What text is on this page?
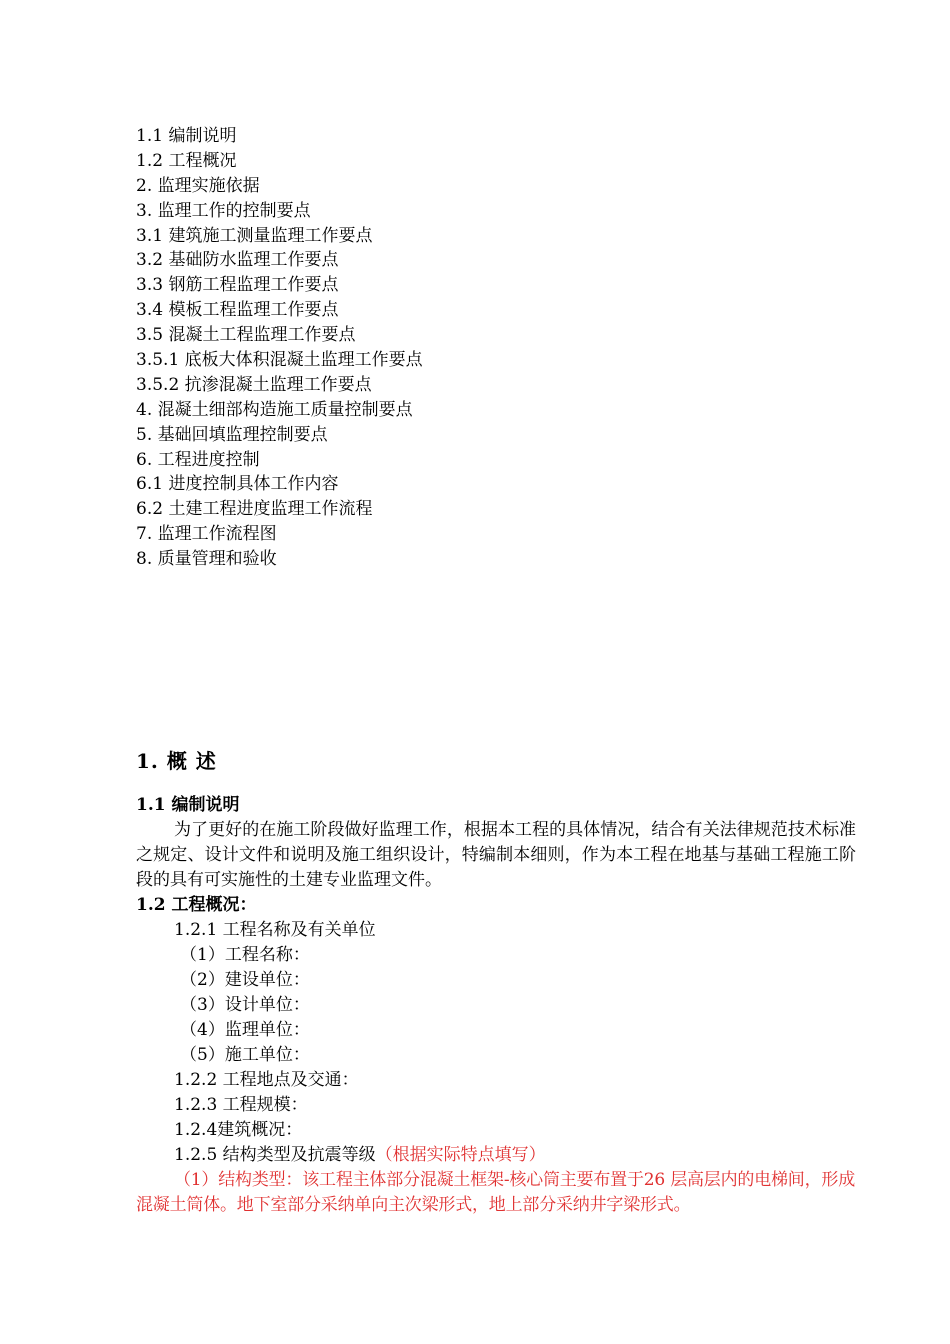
1.1 编制说明
1.2 工程概况
2. 监理实施依据
3. 监理工作的控制要点
3.1 建筑施工测量监理工作要点
3.2 基础防水监理工作要点
3.3 钢筋工程监理工作要点
3.4 模板工程监理工作要点
3.5 混凝土工程监理工作要点
3.5.1 底板大体积混凝土监理工作要点
3.5.2 抗渗混凝土监理工作要点
4. 混凝土细部构造施工质量控制要点
5. 基础回填监理控制要点
6. 工程进度控制
6.1 进度控制具体工作内容
6.2 土建工程进度监理工作流程
7. 监理工作流程图
8. 质量管理和验收
1. 概 述
1.1 编制说明
为了更好的在施工阶段做好监理工作，根据本工程的具体情况，结合有关法律规范技术标准之规定、设计文件和说明及施工组织设计，特编制本细则，作为本工程在地基与基础工程施工阶段的具有可实施性的土建专业监理文件。
1.2 工程概况：
1.2.1 工程名称及有关单位
（1）工程名称：
（2）建设单位：
（3）设计单位：
（4）监理单位：
（5）施工单位：
1.2.2 工程地点及交通：
1.2.3 工程规模：
1.2.4建筑概况：
1.2.5 结构类型及抗震等级（根据实际特点填写）
（1）结构类型：该工程主体部分混凝土框架-核心筒主要布置于26 层高层内的电梯间，形成混凝土筒体。地下室部分采纳单向主次梁形式，地上部分采纳井字梁形式。
